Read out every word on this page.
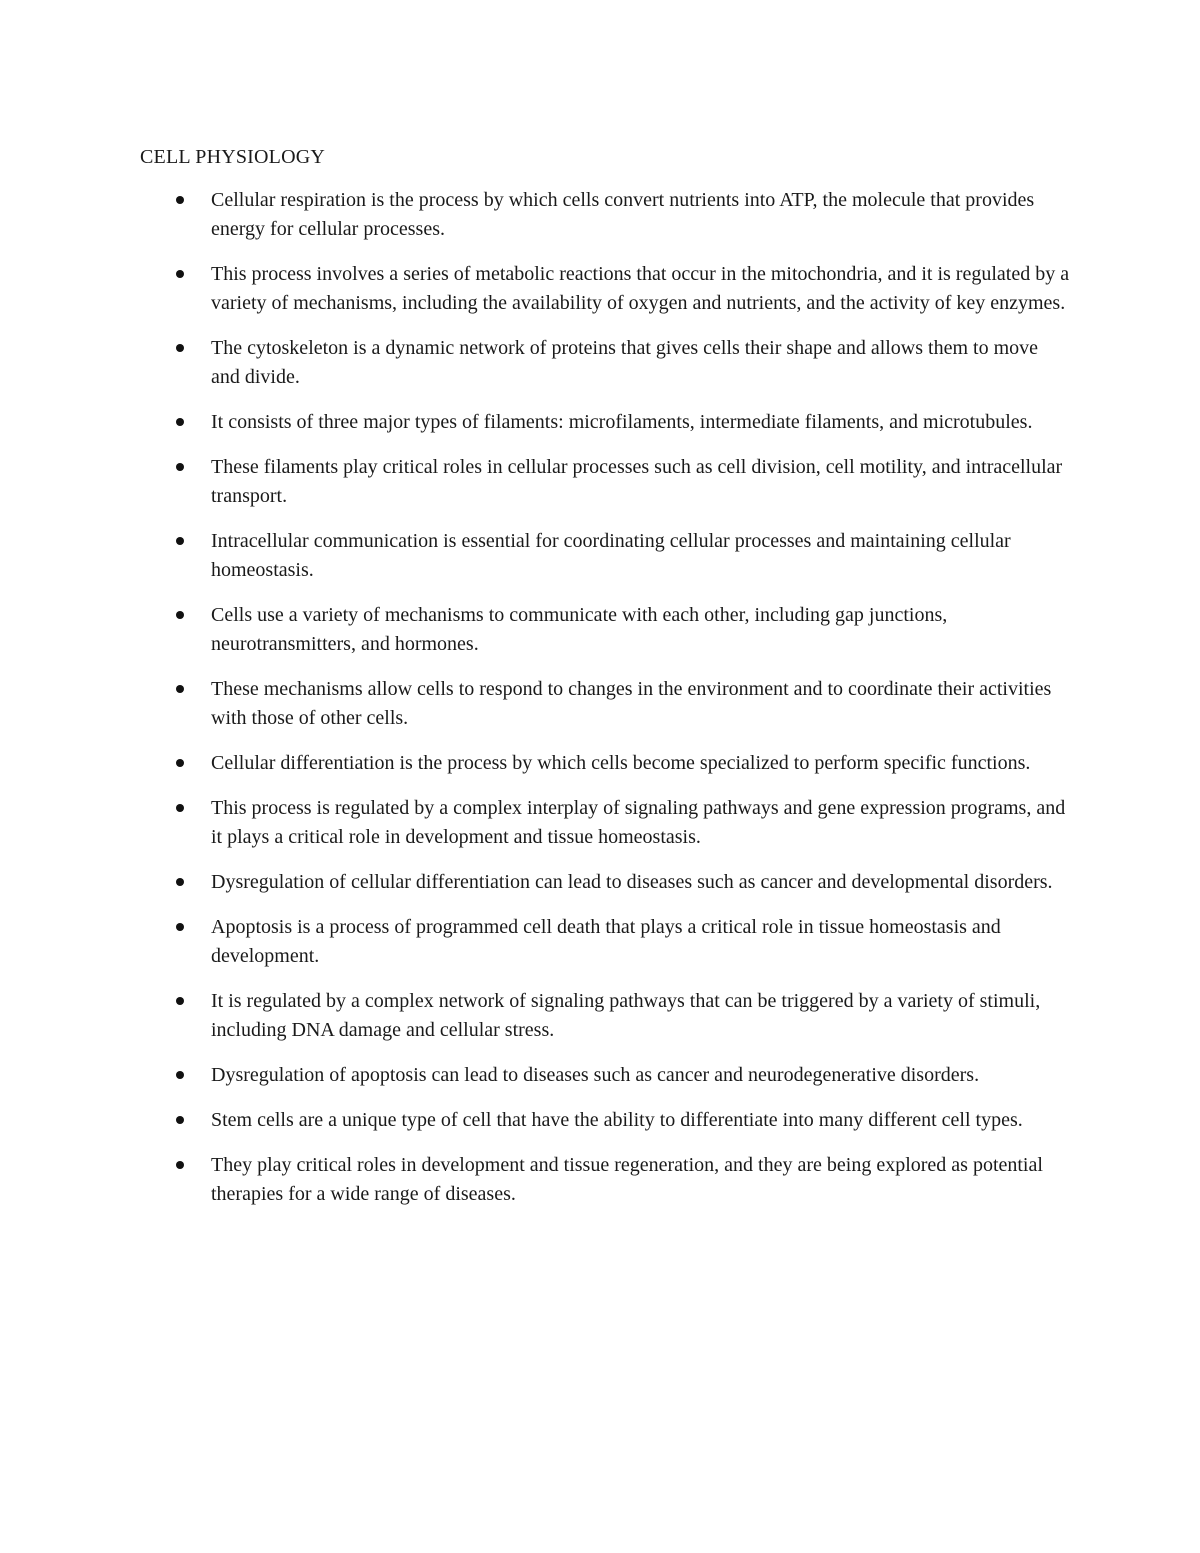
CELL PHYSIOLOGY
Cellular respiration is the process by which cells convert nutrients into ATP, the molecule that provides energy for cellular processes.
This process involves a series of metabolic reactions that occur in the mitochondria, and it is regulated by a variety of mechanisms, including the availability of oxygen and nutrients, and the activity of key enzymes.
The cytoskeleton is a dynamic network of proteins that gives cells their shape and allows them to move and divide.
It consists of three major types of filaments: microfilaments, intermediate filaments, and microtubules.
These filaments play critical roles in cellular processes such as cell division, cell motility, and intracellular transport.
Intracellular communication is essential for coordinating cellular processes and maintaining cellular homeostasis.
Cells use a variety of mechanisms to communicate with each other, including gap junctions, neurotransmitters, and hormones.
These mechanisms allow cells to respond to changes in the environment and to coordinate their activities with those of other cells.
Cellular differentiation is the process by which cells become specialized to perform specific functions.
This process is regulated by a complex interplay of signaling pathways and gene expression programs, and it plays a critical role in development and tissue homeostasis.
Dysregulation of cellular differentiation can lead to diseases such as cancer and developmental disorders.
Apoptosis is a process of programmed cell death that plays a critical role in tissue homeostasis and development.
It is regulated by a complex network of signaling pathways that can be triggered by a variety of stimuli, including DNA damage and cellular stress.
Dysregulation of apoptosis can lead to diseases such as cancer and neurodegenerative disorders.
Stem cells are a unique type of cell that have the ability to differentiate into many different cell types.
They play critical roles in development and tissue regeneration, and they are being explored as potential therapies for a wide range of diseases.
